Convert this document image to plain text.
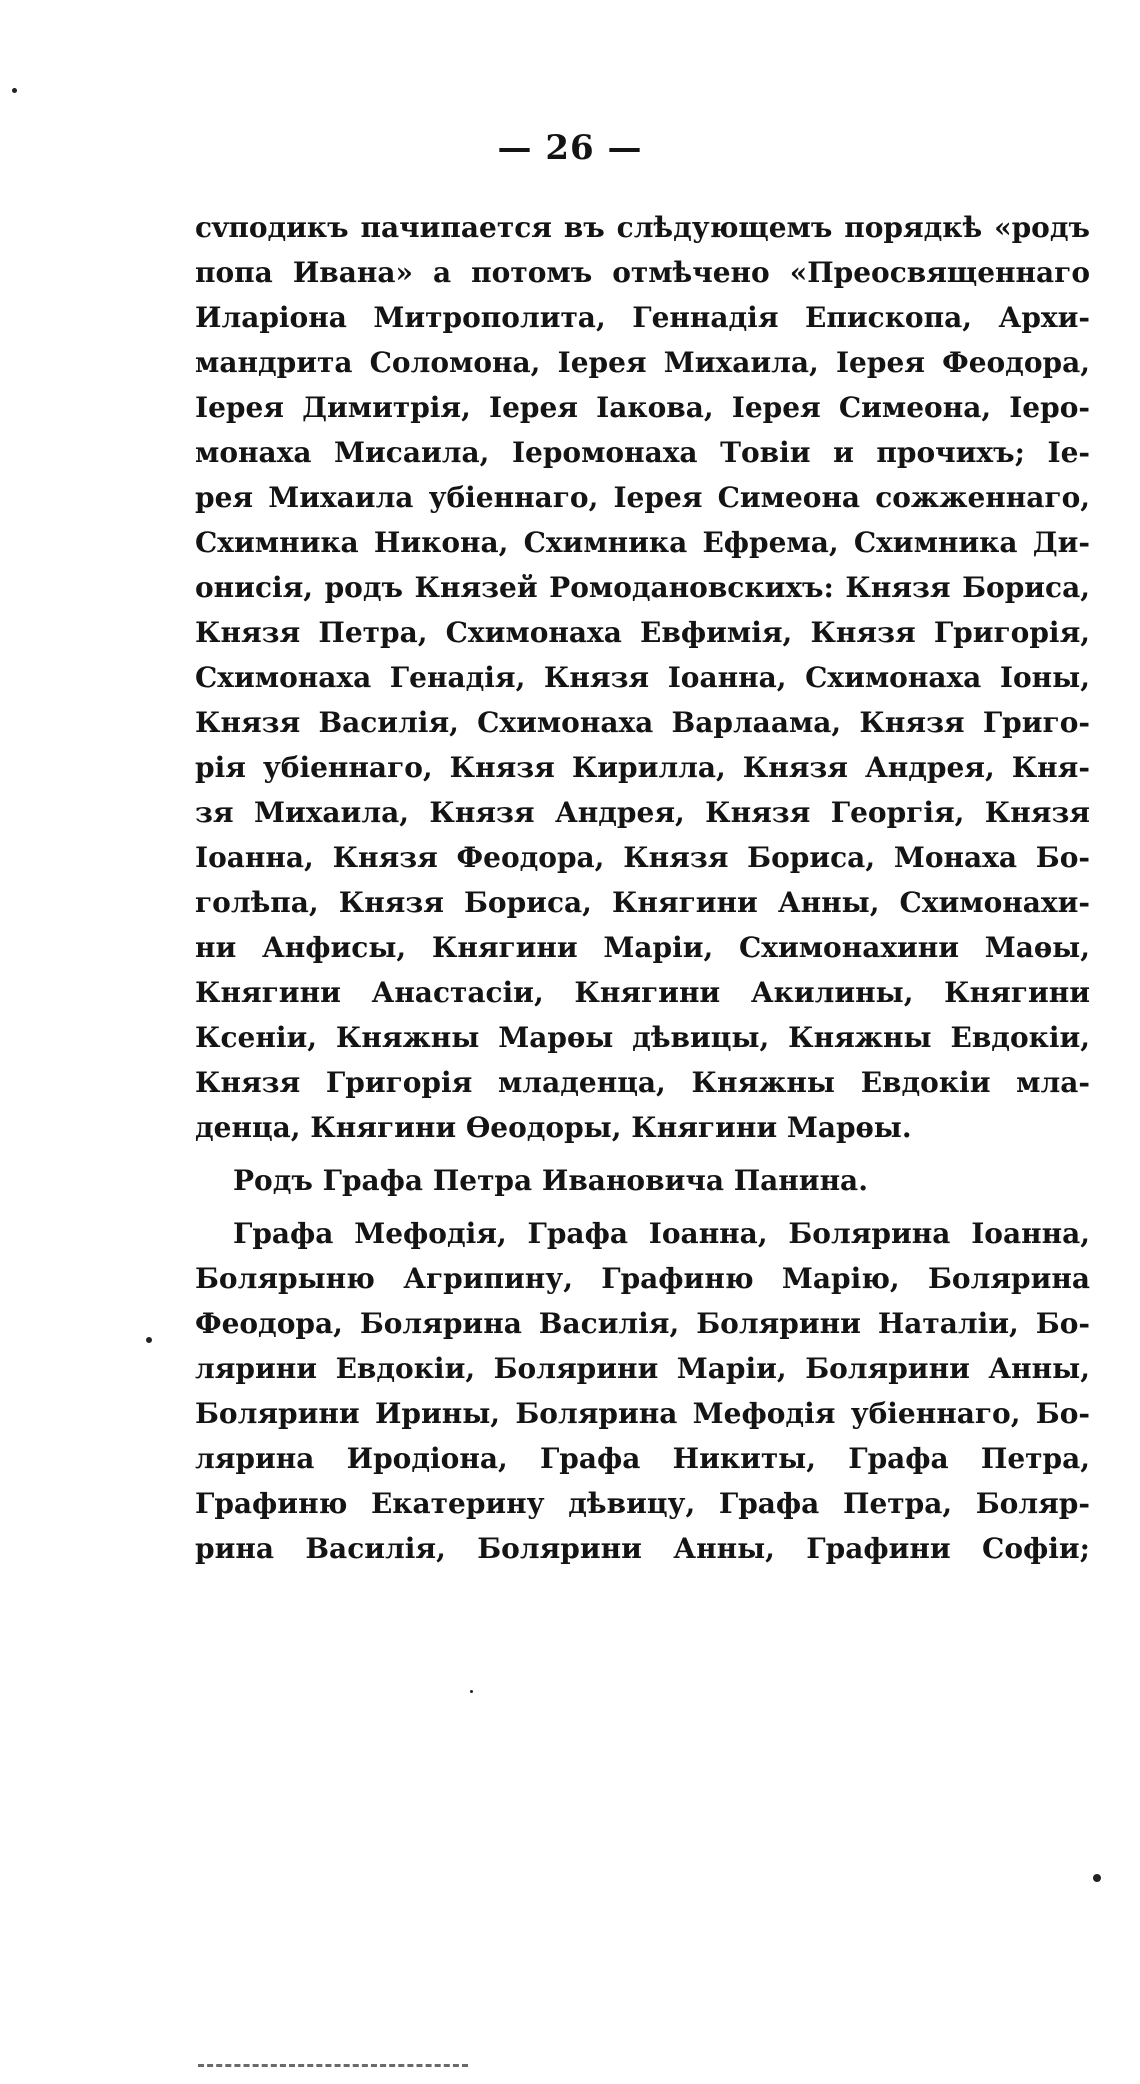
— 26 —
сvподикъ пачипается въ слѣдующемъ порядкѣ «родъ
попа Ивана» а потомъ отмѣчено «Преосвященнаго
Иларіона Митрополита, Геннадія Епископа, Архи-
мандрита Соломона, Іерея Михаила, Іерея Феодора,
Іерея Димитрія, Іерея Іакова, Іерея Симеона, Іеро-
монаха Мисаила, Іеромонаха Товіи и прочихъ; Іе-
рея Михаила убіеннаго, Іерея Симеона сожженнаго,
Схимника Никона, Схимника Ефрема, Схимника Ди-
онисія, родъ Князей Ромодановскихъ: Князя Бориса,
Князя Петра, Схимонаха Евфимія, Князя Григорія,
Схимонаха Генадія, Князя Іоанна, Схимонаха Іоны,
Князя Василія, Схимонаха Варлаама, Князя Григо-
рія убіеннаго, Князя Кирилла, Князя Андрея, Кня-
зя Михаила, Князя Андрея, Князя Георгія, Князя
Іоанна, Князя Феодора, Князя Бориса, Монаха Бо-
голѣпа, Князя Бориса, Княгини Анны, Схимонахи-
ни Анфисы, Княгини Маріи, Схимонахини Маѳы,
Княгини Анастасіи, Княгини Акилины, Княгини
Ксеніи, Княжны Марѳы дѣвицы, Княжны Евдокіи,
Князя Григорія младенца, Княжны Евдокіи мла-
денца, Княгини Ѳеодоры, Княгини Марѳы.
Родъ Графа Петра Ивановича Панина.
Графа Мефодія, Графа Іоанна, Болярина Іоанна,
Болярыню Агрипину, Графиню Марію, Болярина
Феодора, Болярина Василія, Болярини Наталіи, Бо-
лярини Евдокіи, Болярини Маріи, Болярини Анны,
Болярини Ирины, Болярина Мефодія убіеннаго, Бо-
лярина Иродіона, Графа Никиты, Графа Петра,
Графиню Екатерину дѣвицу, Графа Петра, Боляр-
рина Василія, Болярини Анны, Графини Софіи;
